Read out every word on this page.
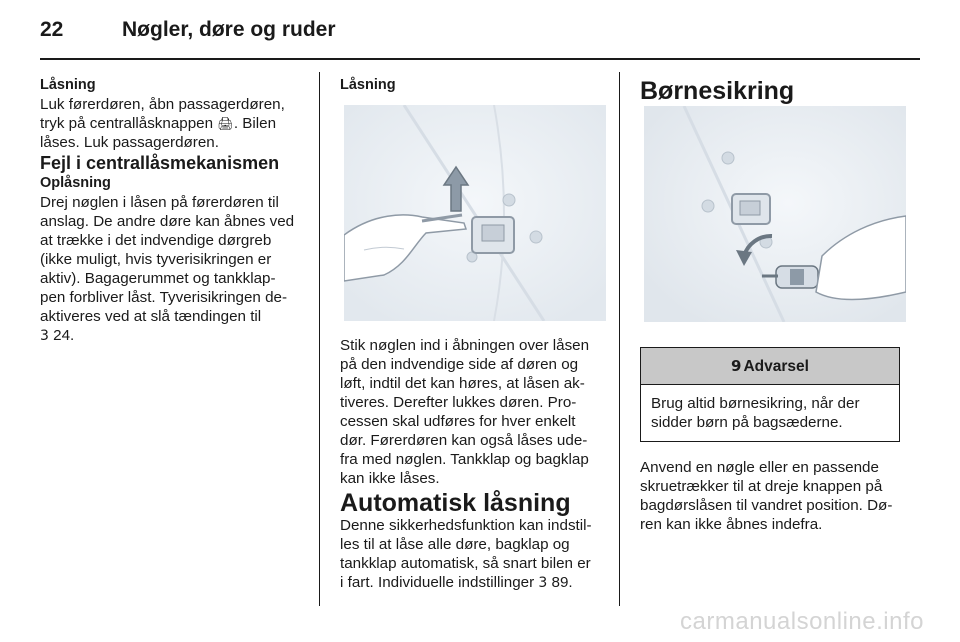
22	Nøgler, døre og ruder

Låsning

Luk førerdøren, åbn passagerdøren,
tryk på centrallåsknappen 🖨. Bilen
låses. Luk passagerdøren.

Fejl i centrallåsmekanismen

Oplåsning

Drej nøglen i låsen på førerdøren til
anslag. De andre døre kan åbnes ved
at trække i det indvendige dørgreb
(ikke muligt, hvis tyverisikringen er
aktiv). Bagagerummet og tankklap-
pen forbliver låst. Tyverisikringen de-
aktiveres ved at slå tændingen til
3 24.

Låsning

Stik nøglen ind i åbningen over låsen
på den indvendige side af døren og
løft, indtil det kan høres, at låsen ak-
tiveres. Derefter lukkes døren. Pro-
cessen skal udføres for hver enkelt
dør. Førerdøren kan også låses ude-
fra med nøglen. Tankklap og bagklap
kan ikke låses.

Automatisk låsning

Denne sikkerhedsfunktion kan indstil-
les til at låse alle døre, bagklap og
tankklap automatisk, så snart bilen er
i fart. Individuelle indstillinger 3 89.

Børnesikring

9 Advarsel
Brug altid børnesikring, når der
sidder børn på bagsæderne.

Anvend en nøgle eller en passende
skruetrækker til at dreje knappen på
bagdørslåsen til vandret position. Dø-
ren kan ikke åbnes indefra.

carmanualsonline.info
